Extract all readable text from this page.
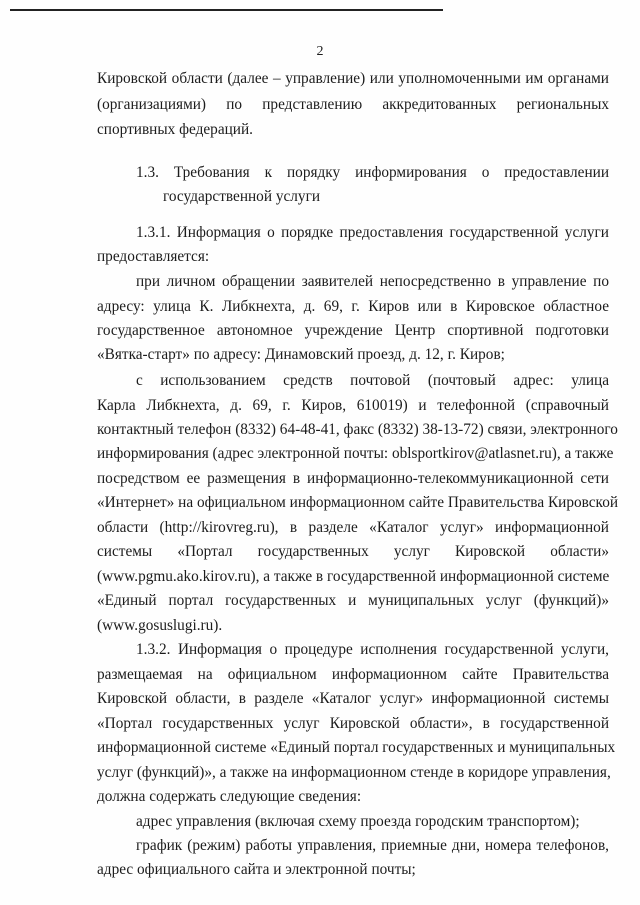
2
Кировской области (далее – управление) или уполномоченными им органами
(организациями) по представлению аккредитованных региональных
спортивных федераций.
1.3. Требования к порядку информирования о предоставлении
государственной услуги
1.3.1. Информация о порядке предоставления государственной услуги
предоставляется:
при личном обращении заявителей непосредственно в управление по
адресу: улица К. Либкнехта, д. 69, г. Киров или в Кировское областное
государственное автономное учреждение Центр спортивной подготовки
«Вятка-старт» по адресу: Динамовский проезд, д. 12, г. Киров;
с использованием средств почтовой (почтовый адрес: улица
Карла Либкнехта, д. 69, г. Киров, 610019) и телефонной (справочный
контактный телефон (8332) 64-48-41, факс (8332) 38-13-72) связи, электронного
информирования (адрес электронной почты: oblsportkirov@atlasnet.ru), а также
посредством ее размещения в информационно-телекоммуникационной сети
«Интернет» на официальном информационном сайте Правительства Кировской
области (http://kirovreg.ru), в разделе «Каталог услуг» информационной
системы «Портал государственных услуг Кировской области»
(www.pgmu.ako.kirov.ru), а также в государственной информационной системе
«Единый портал государственных и муниципальных услуг (функций)»
(www.gosuslugi.ru).
1.3.2. Информация о процедуре исполнения государственной услуги,
размещаемая на официальном информационном сайте Правительства
Кировской области, в разделе «Каталог услуг» информационной системы
«Портал государственных услуг Кировской области», в государственной
информационной системе «Единый портал государственных и муниципальных
услуг (функций)», а также на информационном стенде в коридоре управления,
должна содержать следующие сведения:
адрес управления (включая схему проезда городским транспортом);
график (режим) работы управления, приемные дни, номера телефонов,
адрес официального сайта и электронной почты;
